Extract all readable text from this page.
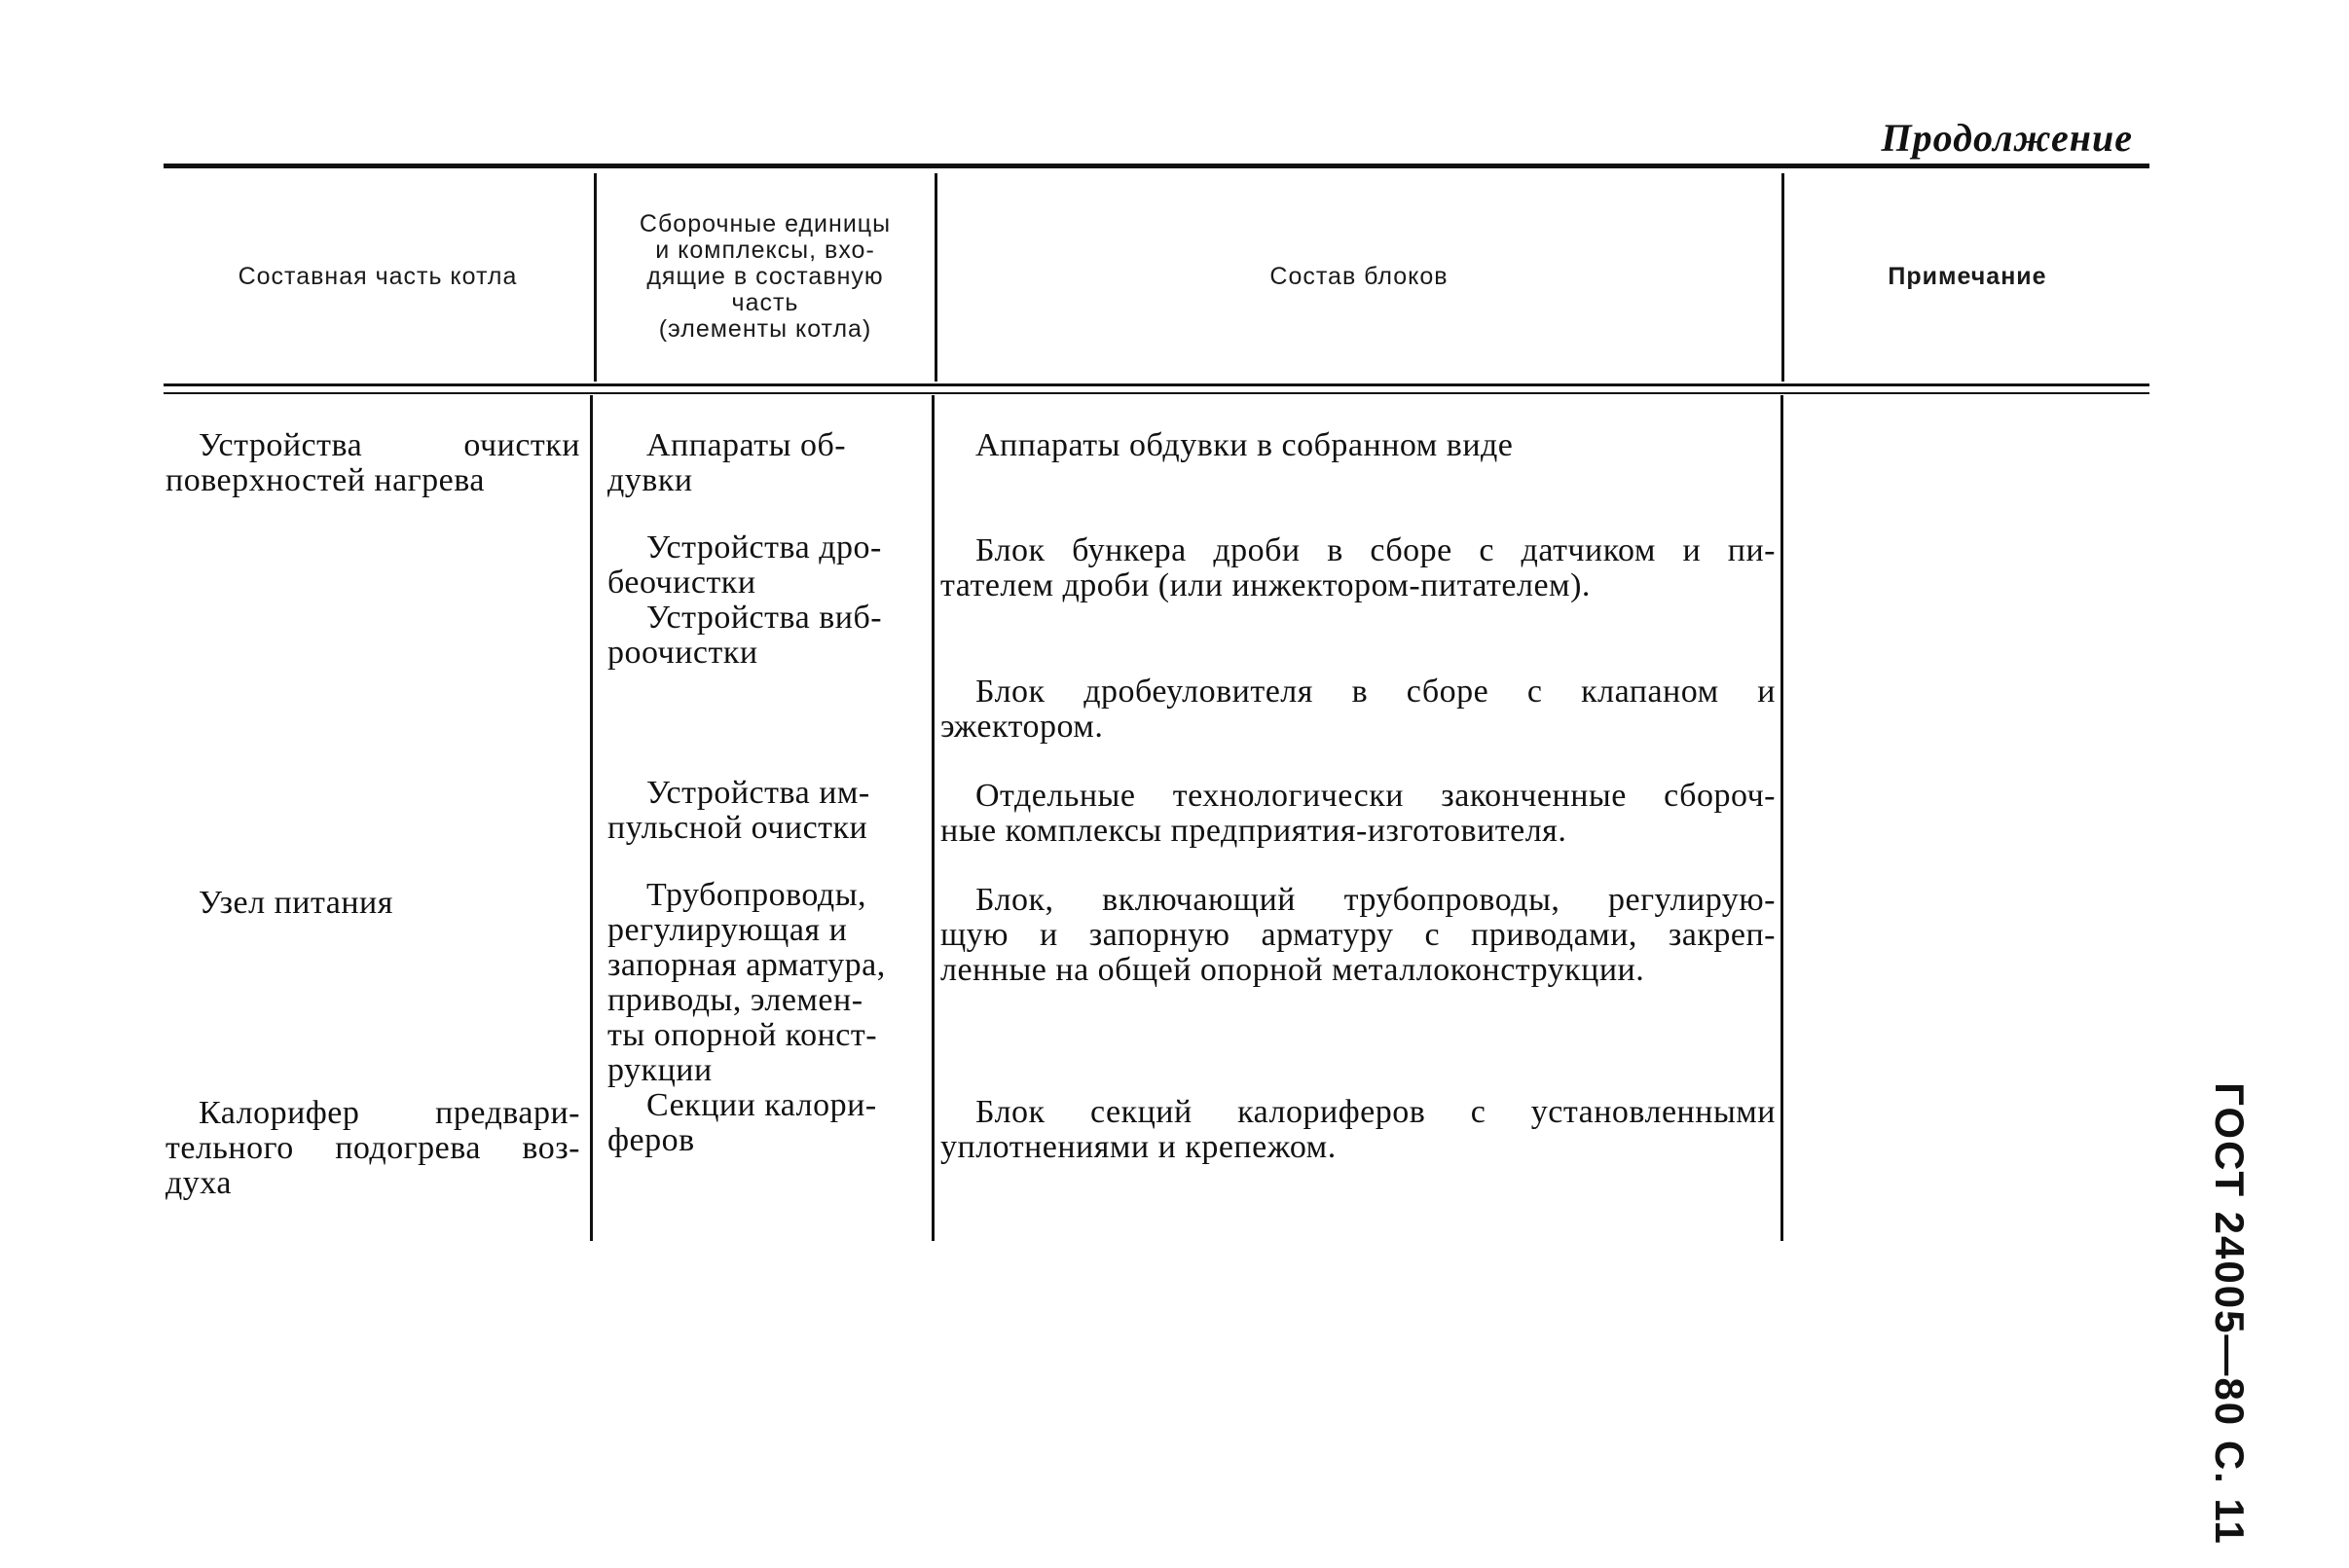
Продолжение
Составная часть котла
Сборочные единицы
и комплексы, вхо-
дящие в составную
часть
(элементы котла)
Состав блоков	Примечание
Устройства очистки
поверхностей нагрева
Узел питания
Калорифер предвари-
тельного подогрева воз-
духа
Аппараты об-
дувки
Устройства дро-
беочистки
Устройства виб-
роочистки
Устройства им-
пульсной очистки
Трубопроводы,
регулирующая и
запорная арматура,
приводы, элемен-
ты опорной конст-
рукции
Секции калори-
феров
Аппараты обдувки в собранном виде
Блок бункера дроби в сборе с датчиком и пи-
тателем дроби (или инжектором-питателем).
Блок дробеуловителя в сборе с клапаном и
эжектором.
Отдельные технологически законченные сбороч-
ные комплексы предприятия-изготовителя.
Блок, включающий трубопроводы, регулирую-
щую и запорную арматуру с приводами, закреп-
ленные на общей опорной металлоконструкции.
Блок секций калориферов с установленными
уплотнениями и крепежом.	ГОСТ 24005—80 С. 11
